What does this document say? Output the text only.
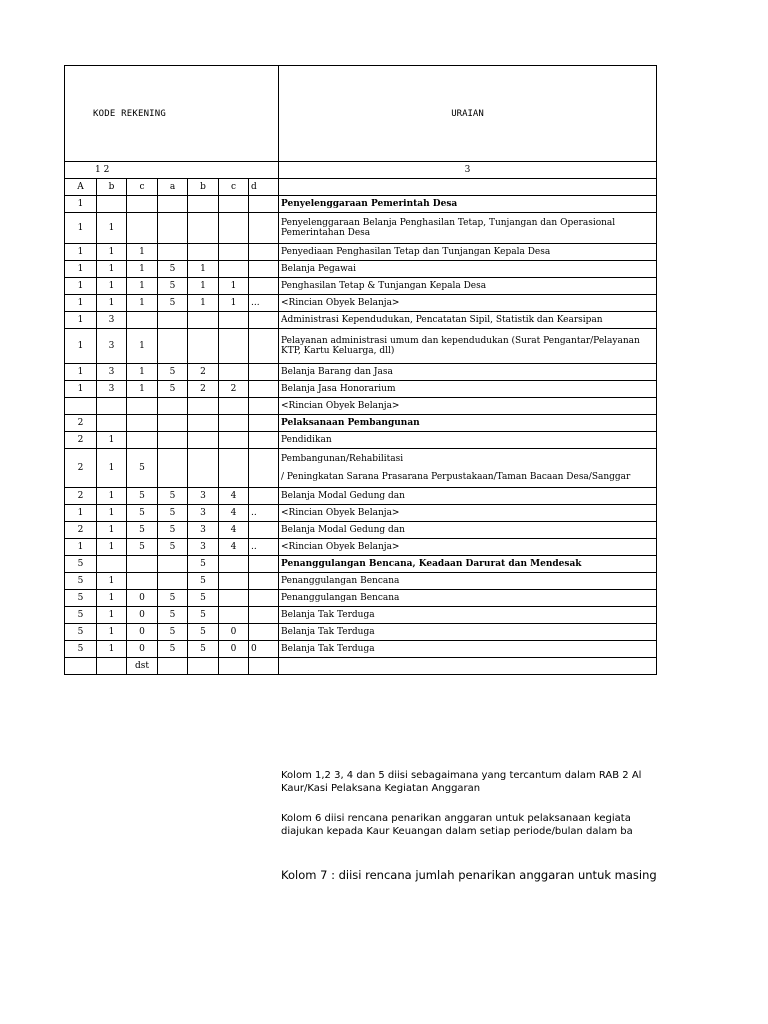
KODE REKENING							URAIAN
1 2							3
A	b	c	a	b	c	d	
1							Penyelenggaraan Pemerintah Desa
1	1						Penyelenggaraan Belanja Penghasilan Tetap, Tunjangan dan Operasional Pemerintahan Desa
1	1	1					Penyediaan Penghasilan Tetap dan Tunjangan Kepala Desa
1	1	1	5	1			Belanja Pegawai
1	1	1	5	1	1		Penghasilan Tetap & Tunjangan Kepala Desa
1	1	1	5	1	1	...	<Rincian Obyek Belanja>
1	3						Administrasi Kependudukan, Pencatatan Sipil, Statistik dan Kearsipan
1	3	1					Pelayanan administrasi umum dan kependudukan (Surat Pengantar/Pelayanan KTP, Kartu Keluarga, dll)
1	3	1	5	2			Belanja Barang dan Jasa
1	3	1	5	2	2		Belanja Jasa Honorarium
							<Rincian Obyek Belanja>
2							Pelaksanaan Pembangunan
2	1						Pendidikan
2	1	5					Pembangunan/Rehabilitasi
/ Peningkatan Sarana Prasarana Perpustakaan/Taman Bacaan Desa/Sanggar

2	1	5	5	3	4		Belanja Modal Gedung dan
1	1	5	5	3	4	..	<Rincian Obyek Belanja>
2	1	5	5	3	4		Belanja Modal Gedung dan
1	1	5	5	3	4	..	<Rincian Obyek Belanja>
5				5			Penanggulangan Bencana, Keadaan Darurat dan Mendesak
5	1			5			Penanggulangan Bencana
5	1	0	5	5			Penanggulangan Bencana
5	1	0	5	5			Belanja Tak Terduga
5	1	0	5	5	0		Belanja Tak Terduga
5	1	0	5	5	0	0	Belanja Tak Terduga
		dst					
Kolom 1,2 3, 4 dan 5 diisi sebagaimana yang tercantum dalam RAB 2 Al
Kaur/Kasi Pelaksana Kegiatan Anggaran
Kolom 6 diisi rencana penarikan anggaran untuk pelaksanaan kegiata
diajukan kepada Kaur Keuangan dalam setiap periode/bulan dalam ba
Kolom 7 : diisi rencana jumlah penarikan anggaran untuk masing
